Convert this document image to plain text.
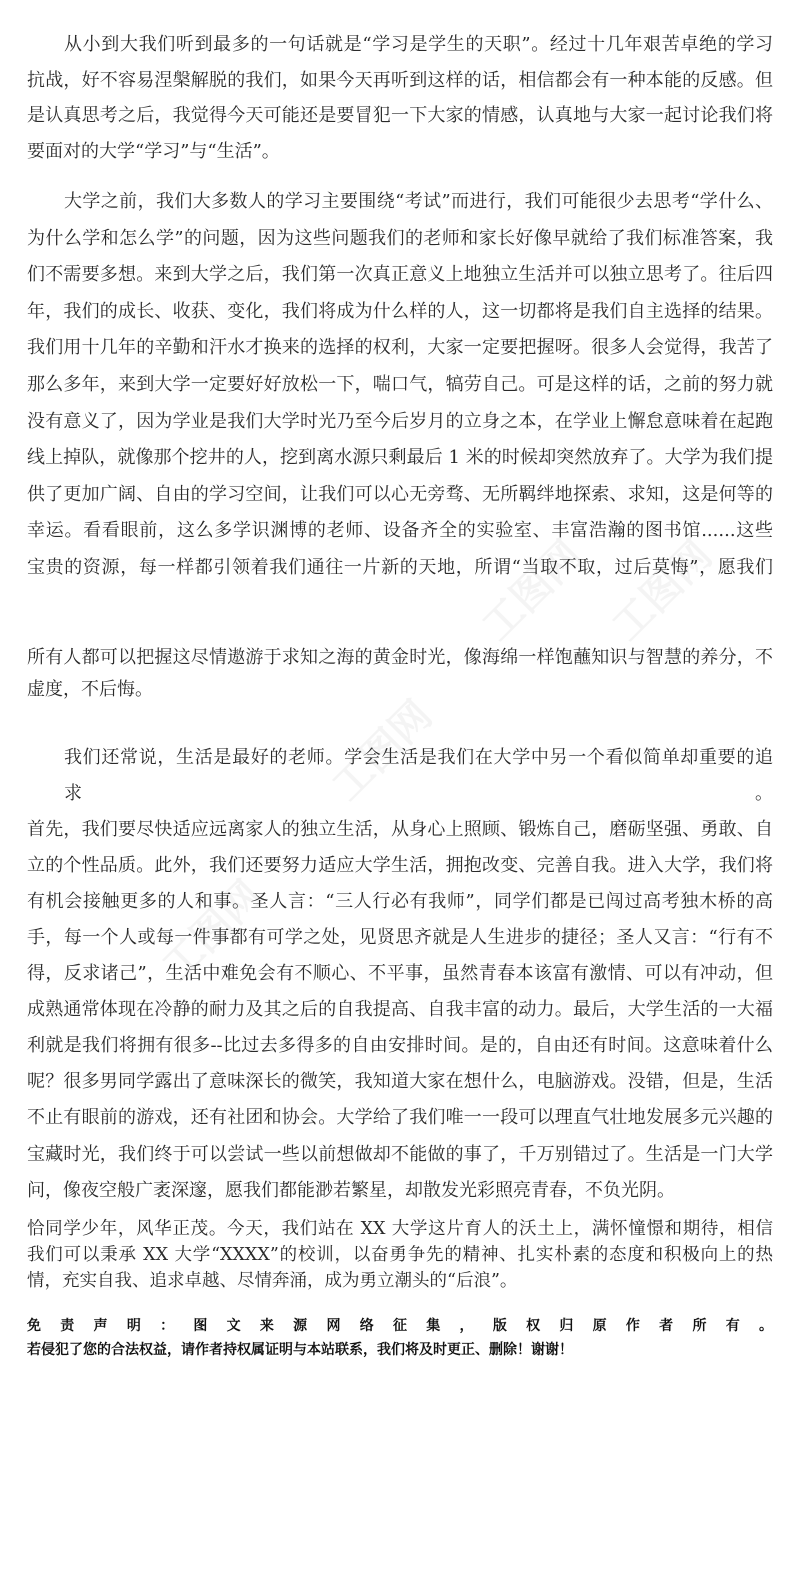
从小到大我们听到最多的一句话就是“学习是学生的天职”。经过十几年艰苦卓绝的学习
抗战，好不容易涅槃解脱的我们，如果今天再听到这样的话，相信都会有一种本能的反感。但
是认真思考之后，我觉得今天可能还是要冒犯一下大家的情感，认真地与大家一起讨论我们将
要面对的大学“学习”与“生活”。
大学之前，我们大多数人的学习主要围绕“考试”而进行，我们可能很少去思考“学什么、
为什么学和怎么学”的问题，因为这些问题我们的老师和家长好像早就给了我们标准答案，我
们不需要多想。来到大学之后，我们第一次真正意义上地独立生活并可以独立思考了。往后四
年，我们的成长、收获、变化，我们将成为什么样的人，这一切都将是我们自主选择的结果。
我们用十几年的辛勤和汗水才换来的选择的权利，大家一定要把握呀。很多人会觉得，我苦了
那么多年，来到大学一定要好好放松一下，喘口气，犒劳自己。可是这样的话，之前的努力就
没有意义了，因为学业是我们大学时光乃至今后岁月的立身之本，在学业上懈怠意味着在起跑
线上掉队，就像那个挖井的人，挖到离水源只剩最后 1 米的时候却突然放弃了。大学为我们提
供了更加广阔、自由的学习空间，让我们可以心无旁骛、无所羁绊地探索、求知，这是何等的
幸运。看看眼前，这么多学识渊博的老师、设备齐全的实验室、丰富浩瀚的图书馆......这些
宝贵的资源，每一样都引领着我们通往一片新的天地，所谓“当取不取，过后莫悔”，愿我们
所有人都可以把握这尽情遨游于求知之海的黄金时光，像海绵一样饱蘸知识与智慧的养分，不
虚度，不后悔。
我们还常说，生活是最好的老师。学会生活是我们在大学中另一个看似简单却重要的追求。
首先，我们要尽快适应远离家人的独立生活，从身心上照顾、锻炼自己，磨砺坚强、勇敢、自
立的个性品质。此外，我们还要努力适应大学生活，拥抱改变、完善自我。进入大学，我们将
有机会接触更多的人和事。圣人言：“三人行必有我师”，同学们都是已闯过高考独木桥的高
手，每一个人或每一件事都有可学之处，见贤思齐就是人生进步的捷径；圣人又言：“行有不
得，反求诸己”，生活中难免会有不顺心、不平事，虽然青春本该富有激情、可以有冲动，但
成熟通常体现在冷静的耐力及其之后的自我提高、自我丰富的动力。最后，大学生活的一大福
利就是我们将拥有很多--比过去多得多的自由安排时间。是的，自由还有时间。这意味着什么
呢？很多男同学露出了意味深长的微笑，我知道大家在想什么，电脑游戏。没错，但是，生活
不止有眼前的游戏，还有社团和协会。大学给了我们唯一一段可以理直气壮地发展多元兴趣的
宝藏时光，我们终于可以尝试一些以前想做却不能做的事了，千万别错过了。生活是一门大学
问，像夜空般广袤深邃，愿我们都能渺若繁星，却散发光彩照亮青春，不负光阴。
恰同学少年，风华正茂。今天，我们站在 XX 大学这片育人的沃土上，满怀憧憬和期待，相信
我们可以秉承 XX 大学“XXXX”的校训，以奋勇争先的精神、扎实朴素的态度和积极向上的热
情，充实自我、追求卓越、尽情奔涌，成为勇立潮头的“后浪”。
免责声明：图文来源网络征集，版权归原作者所有。
若侵犯了您的合法权益，请作者持权属证明与本站联系，我们将及时更正、删除！谢谢！
